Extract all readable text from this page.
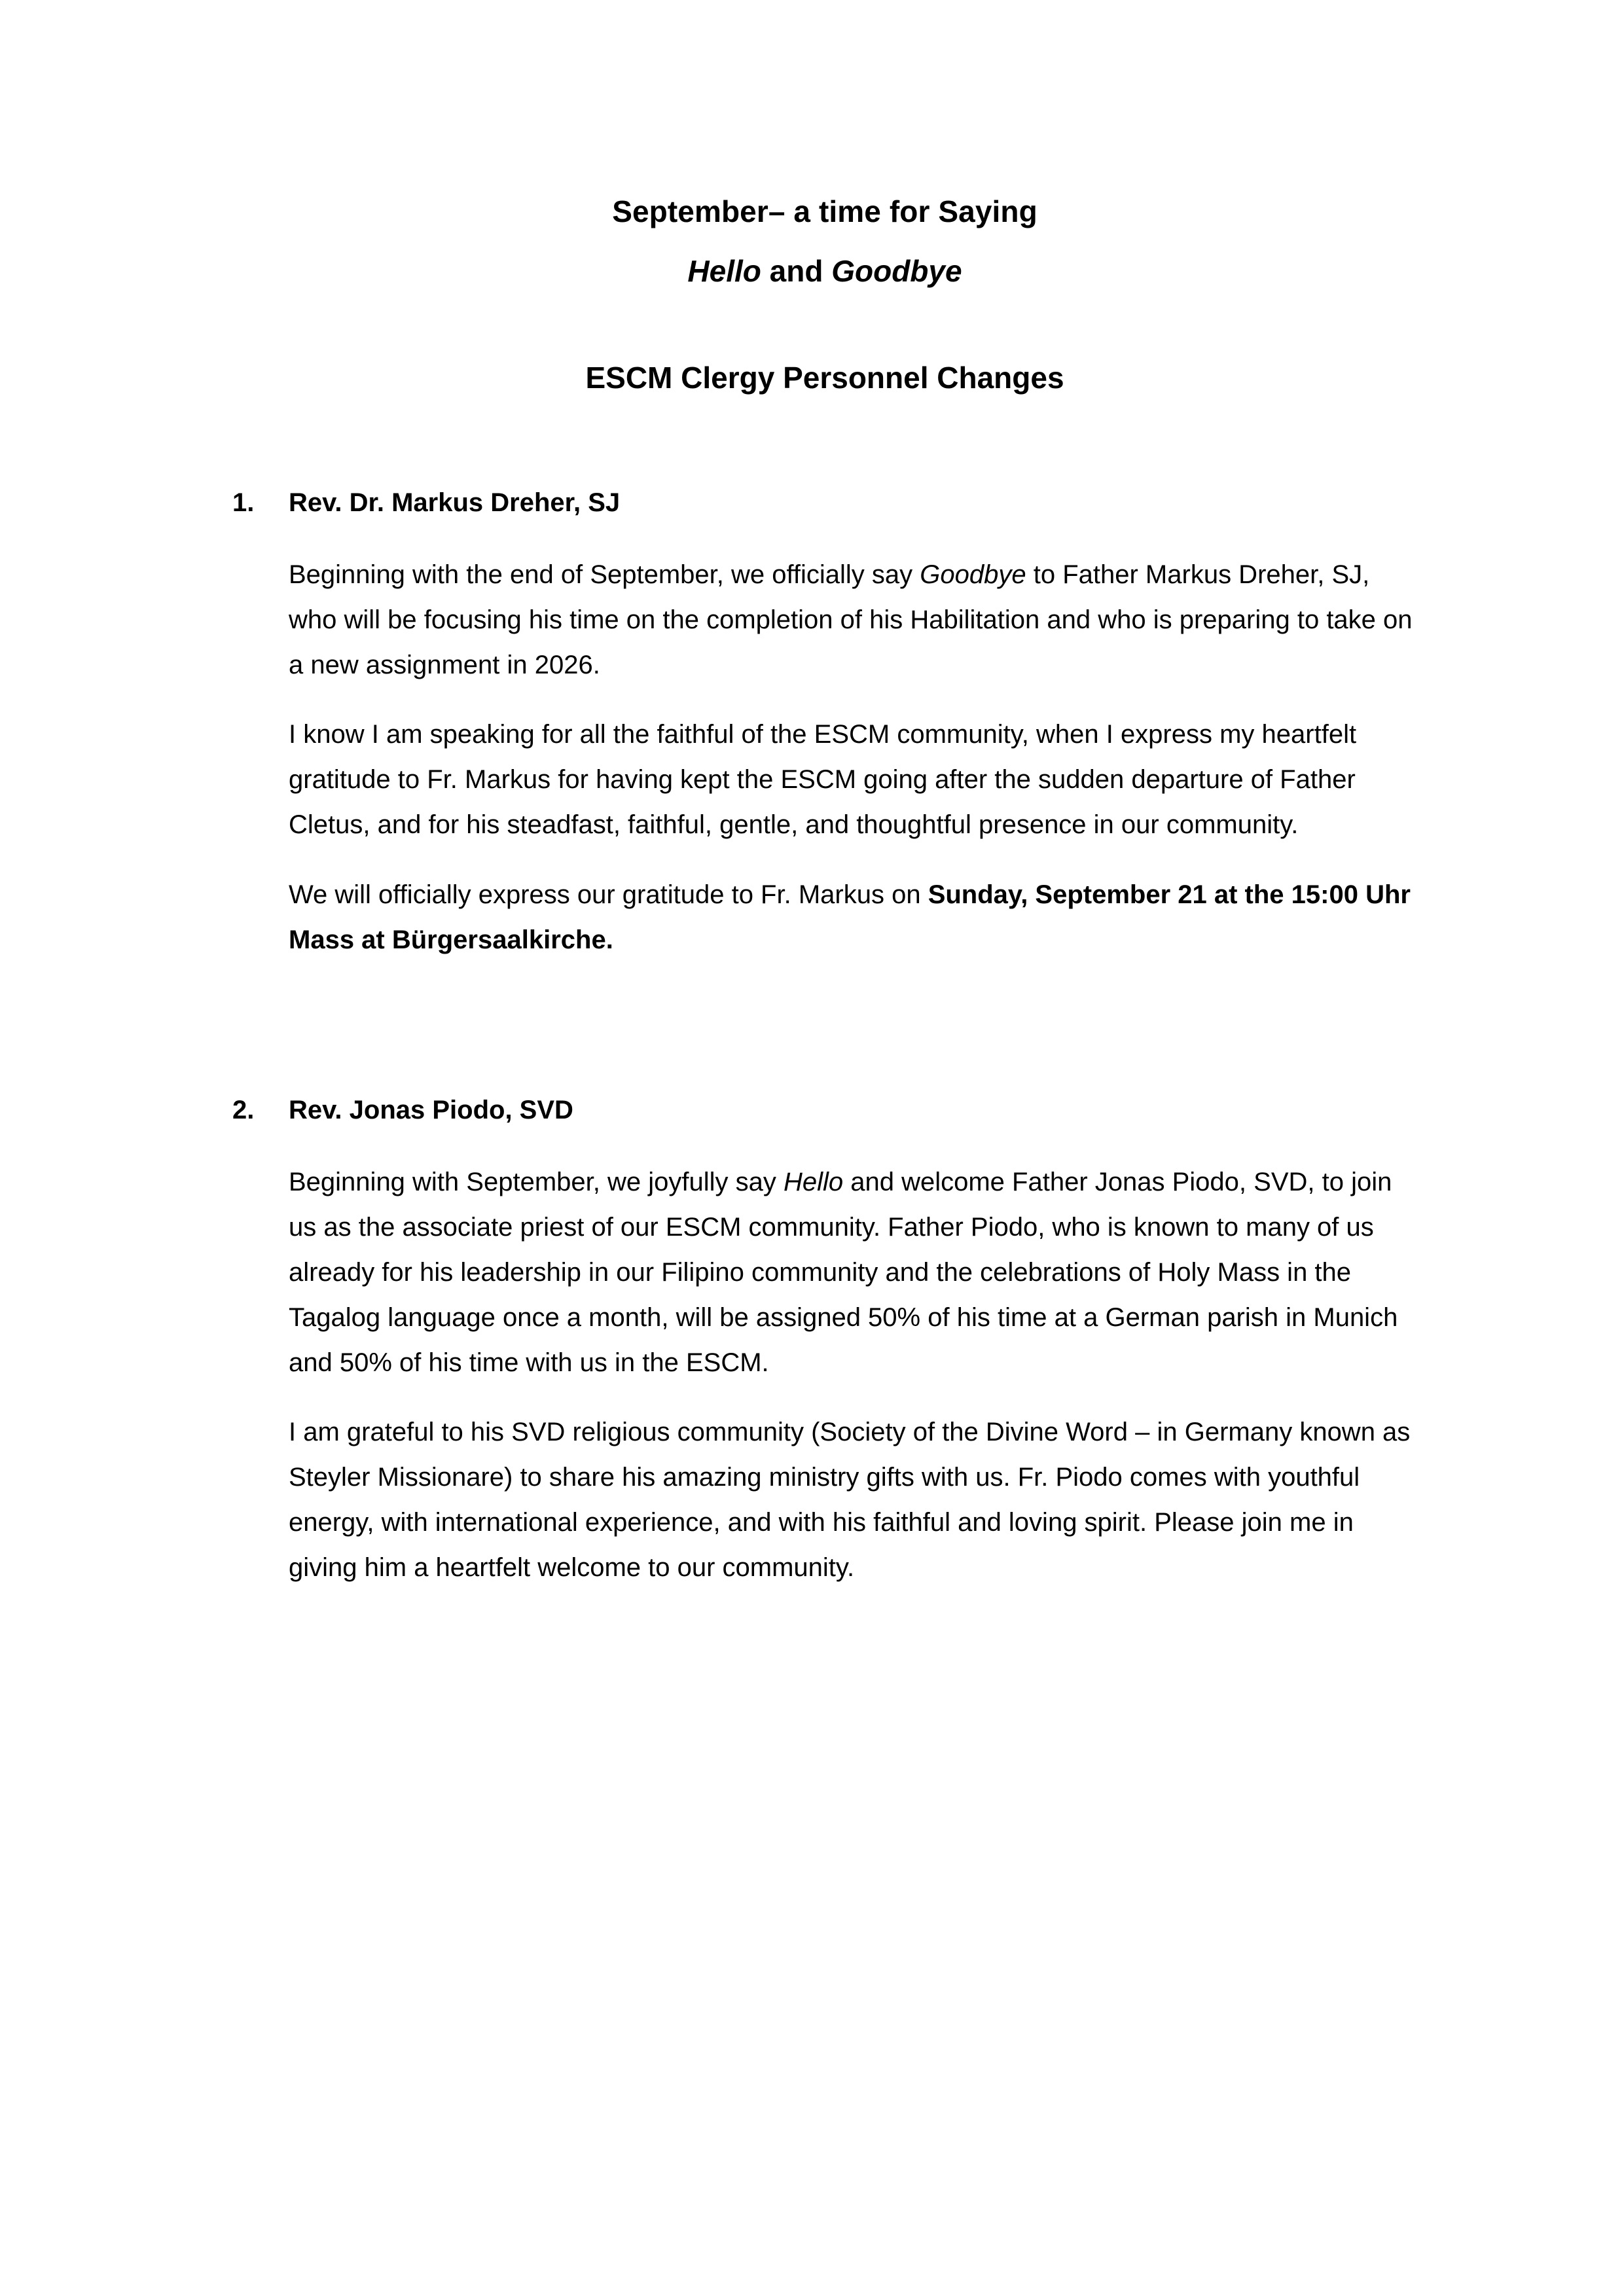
September– a time for Saying
Hello and Goodbye
ESCM Clergy Personnel Changes
1. Rev. Dr. Markus Dreher, SJ

Beginning with the end of September, we officially say Goodbye to Father Markus Dreher, SJ, who will be focusing his time on the completion of his Habilitation and who is preparing to take on a new assignment in 2026.

I know I am speaking for all the faithful of the ESCM community, when I express my heartfelt gratitude to Fr. Markus for having kept the ESCM going after the sudden departure of Father Cletus, and for his steadfast, faithful, gentle, and thoughtful presence in our community.

We will officially express our gratitude to Fr. Markus on Sunday, September 21 at the 15:00 Uhr Mass at Bürgersaalkirche.

2. Rev. Jonas Piodo, SVD

Beginning with September, we joyfully say Hello and welcome Father Jonas Piodo, SVD, to join us as the associate priest of our ESCM community. Father Piodo, who is known to many of us already for his leadership in our Filipino community and the celebrations of Holy Mass in the Tagalog language once a month, will be assigned 50% of his time at a German parish in Munich and 50% of his time with us in the ESCM.

I am grateful to his SVD religious community (Society of the Divine Word – in Germany known as Steyler Missionare) to share his amazing ministry gifts with us. Fr. Piodo comes with youthful energy, with international experience, and with his faithful and loving spirit. Please join me in giving him a heartfelt welcome to our community.
